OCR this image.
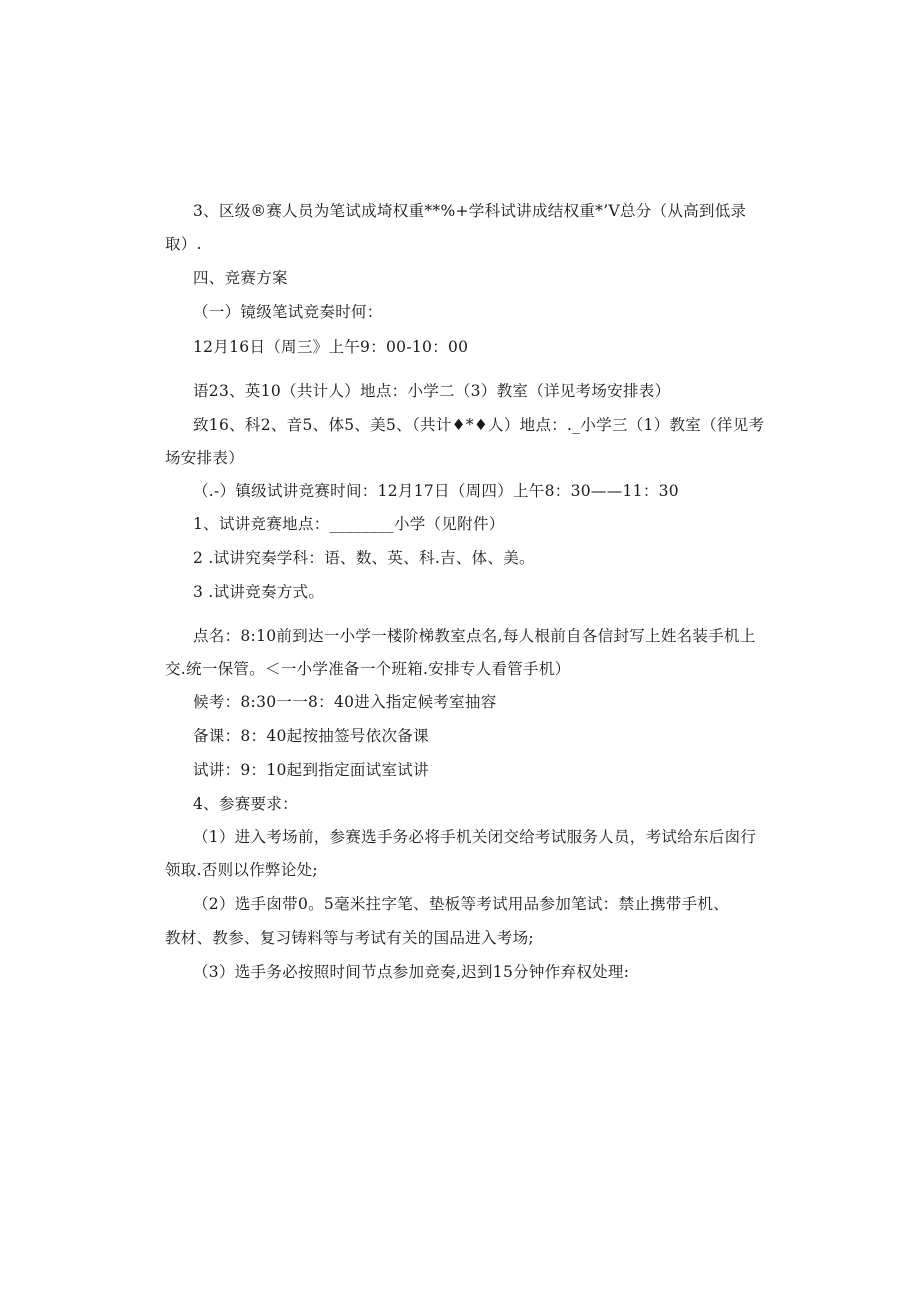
3、区级®赛人员为笔试成埼权重**%+学科试讲成结权重*’V总分（从高到低录
取）.
四、竞赛方案
（一）镜级笔试竞奏时何：
12月16日（周三》上午9：00-10：00
语23、英10（共计人）地点：小学二（3）教室（详见考场安排表）
致16、科2、音5、体5、美5、（共计♦*♦人）地点：._小学三（1）教室（徉见考
场安排表）
（.-）镇级试讲竞赛时间：12月17日（周四）上午8：30——11：30
1、试讲竞赛地点：________小学（见附件）
2 .试讲究奏学科：语、数、英、科.吉、体、美。
3 .试讲竞奏方式。
点名：8:10前到达一小学一楼阶梯教室点名,每人根前自各信封写上姓名装手机上
交.统一保管。＜一小学准备一个班箱.安排专人看管手机）
候考：8:30一一8：40进入指定候考室抽容
备课：8：40起按抽签号依次备课
试讲：9：10起到指定面试室试讲
4、参赛要求：
（1）进入考场前，参赛选手务必将手机关闭交给考试服务人员，考试给东后囱行
领取.否则以作弊论处;
（2）选手囱带0。5毫米拄字笔、垫板等考试用品参加笔试：禁止携带手机、
教材、教参、复习铸料等与考试有关的国品进入考场;
（3）选手务必按照时间节点参加竞奏,迟到15分钟作弃权处理:
